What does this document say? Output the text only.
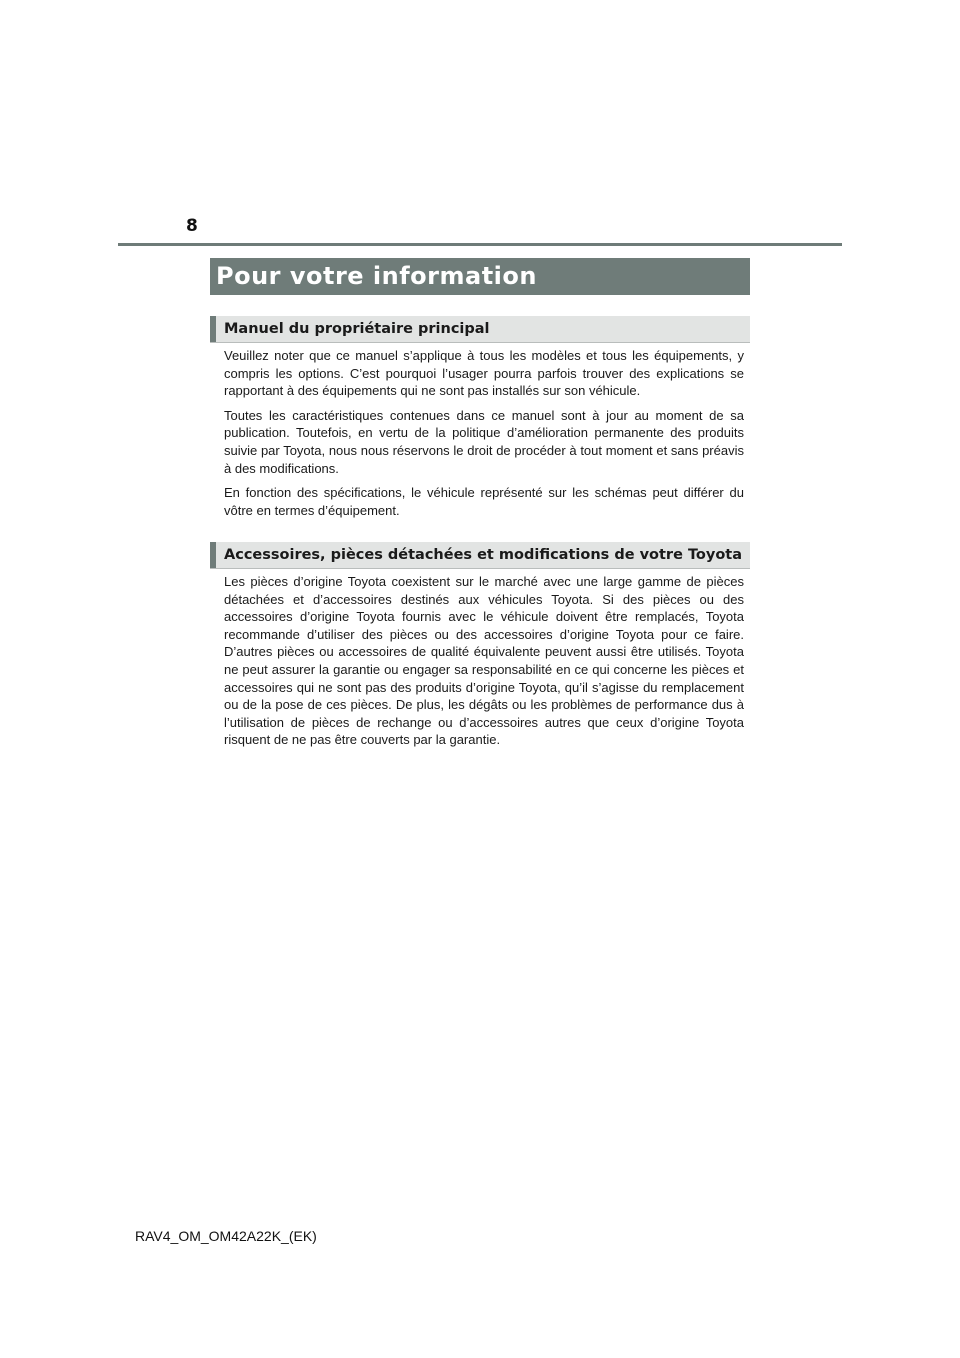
8
Pour votre information
Manuel du propriétaire principal

Veuillez noter que ce manuel s’applique à tous les modèles et tous les équipements, y compris les options. C’est pourquoi l’usager pourra parfois trouver des explications se rapportant à des équipements qui ne sont pas installés sur son véhicule.

Toutes les caractéristiques contenues dans ce manuel sont à jour au moment de sa publication. Toutefois, en vertu de la politique d’amélioration permanente des produits suivie par Toyota, nous nous réservons le droit de procéder à tout moment et sans préavis à des modifications.

En fonction des spécifications, le véhicule représenté sur les schémas peut différer du vôtre en termes d’équipement.

Accessoires, pièces détachées et modifications de votre Toyota

Les pièces d’origine Toyota coexistent sur le marché avec une large gamme de pièces détachées et d’accessoires destinés aux véhicules Toyota. Si des pièces ou des accessoires d’origine Toyota fournis avec le véhicule doivent être remplacés, Toyota recommande d’utiliser des pièces ou des accessoires d’origine Toyota pour ce faire. D’autres pièces ou accessoires de qualité équivalente peuvent aussi être utilisés. Toyota ne peut assurer la garantie ou engager sa responsabilité en ce qui concerne les pièces et accessoires qui ne sont pas des produits d’origine Toyota, qu’il s’agisse du remplacement ou de la pose de ces pièces. De plus, les dégâts ou les problèmes de performance dus à l’utilisation de pièces de rechange ou d’accessoires autres que ceux d’origine Toyota risquent de ne pas être couverts par la garantie.

RAV4_OM_OM42A22K_(EK)
